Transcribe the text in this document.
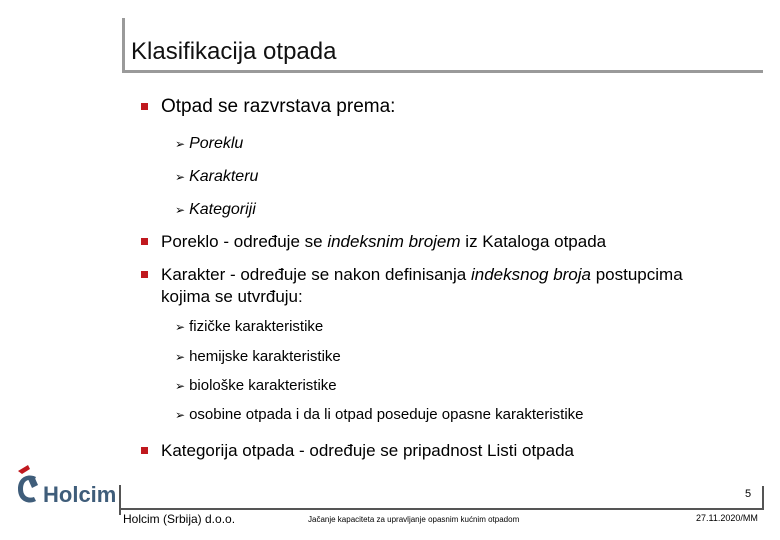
Klasifikacija otpada
Otpad se razvrstava prema:
➢ Poreklu
➢ Karakteru
➢ Kategoriji
Poreklo - određuje se indeksnim brojem iz Kataloga otpada
Karakter - određuje se nakon definisanja indeksnog broja postupcima
kojima se utvrđuju:
➢ fizičke karakteristike
➢ hemijske karakteristike
➢ biološke karakteristike
➢ osobine otpada i da li otpad poseduje opasne karakteristike
Kategorija otpada - određuje se pripadnost Listi otpada
Holcim	5
Holcim (Srbija) d.o.o.	Jačanje kapaciteta za upravljanje opasnim kućnim otpadom	27.11.2020/MM
